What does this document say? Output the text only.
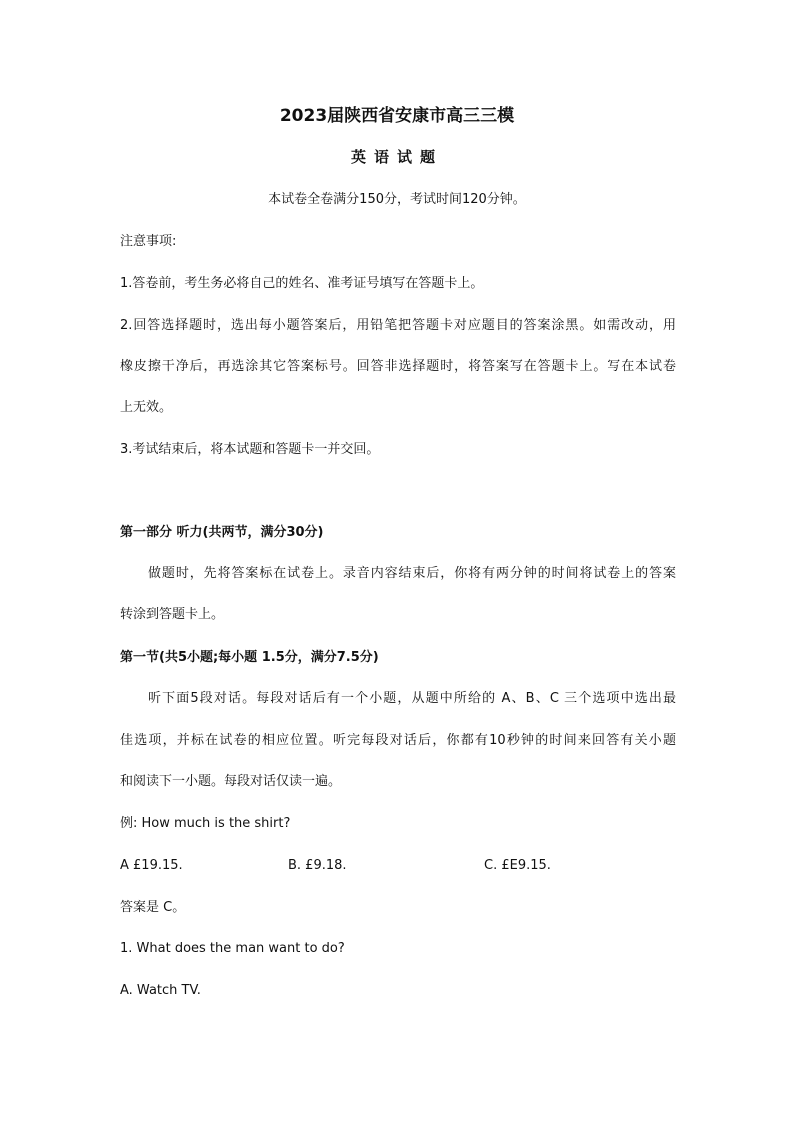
2023届陕西省安康市高三三模
英语试题
本试卷全卷满分150分，考试时间120分钟。
注意事项:
1.答卷前，考生务必将自己的姓名、准考证号填写在答题卡上。
2.回答选择题时，选出每小题答案后，用铅笔把答题卡对应题目的答案涂黑。如需改动，用
橡皮擦干净后，再选涂其它答案标号。回答非选择题时，将答案写在答题卡上。写在本试卷
上无效。
3.考试结束后，将本试题和答题卡一并交回。
第一部分 听力(共两节，满分30分)
做题时，先将答案标在试卷上。录音内容结束后，你将有两分钟的时间将试卷上的答案
转涂到答题卡上。
第一节(共5小题;每小题 1.5分，满分7.5分)
听下面5段对话。每段对话后有一个小题，从题中所给的 A、B、C 三个选项中选出最
佳选项，并标在试卷的相应位置。听完每段对话后，你都有10秒钟的时间来回答有关小题
和阅读下一小题。每段对话仅读一遍。
例: How much is the shirt?
A £19.15.	B. £9.18.	C. £E9.15.
答案是 C。
1. What does the man want to do?
A. Watch TV.
